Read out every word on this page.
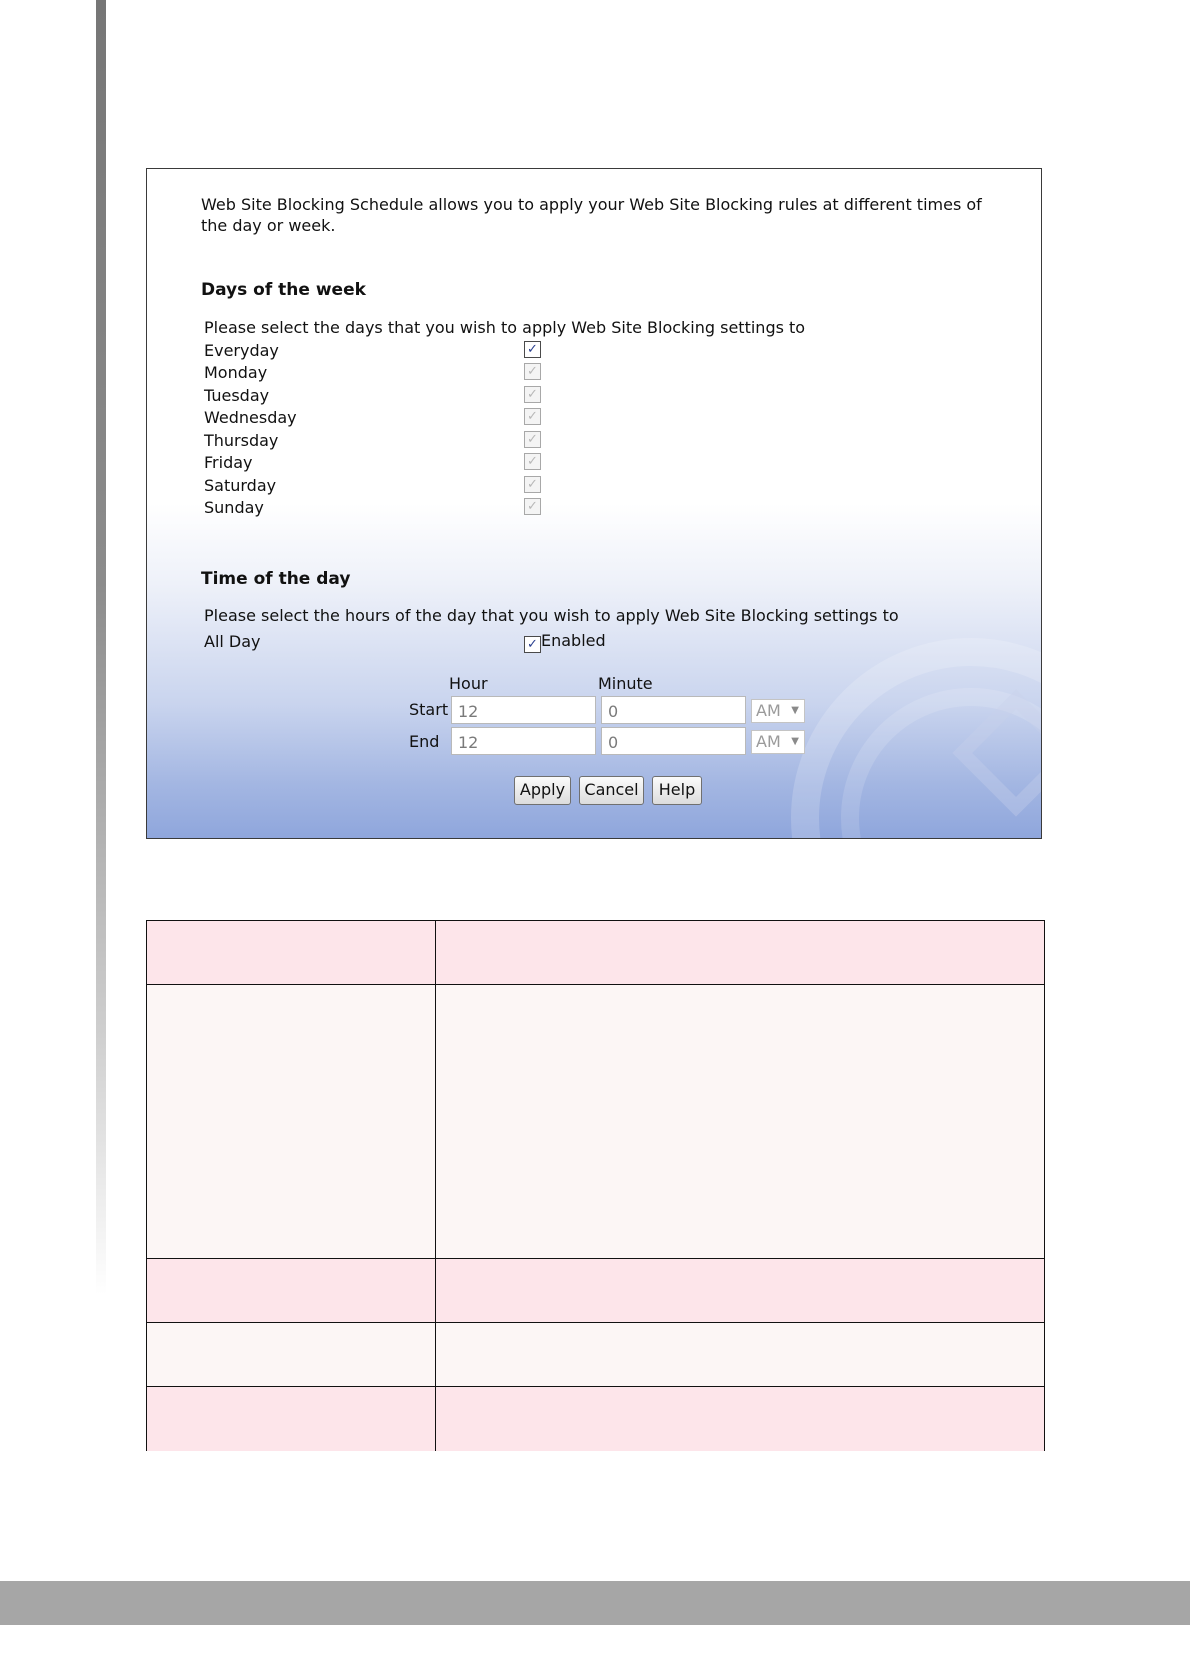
Web Site Blocking Schedule allows you to apply your Web Site Blocking rules at different times of the day or week.
Days of the week
Please select the days that you wish to apply Web Site Blocking settings to
Everyday	✓
Monday	✓
Tuesday	✓
Wednesday	✓
Thursday	✓
Friday	✓
Saturday	✓
Sunday	✓
Time of the day
Please select the hours of the day that you wish to apply Web Site Blocking settings to
All Day	✓ Enabled
Hour	Minute
Start 12	0	AM ▼
End	12	0	AM ▼
Apply	Cancel	Help
